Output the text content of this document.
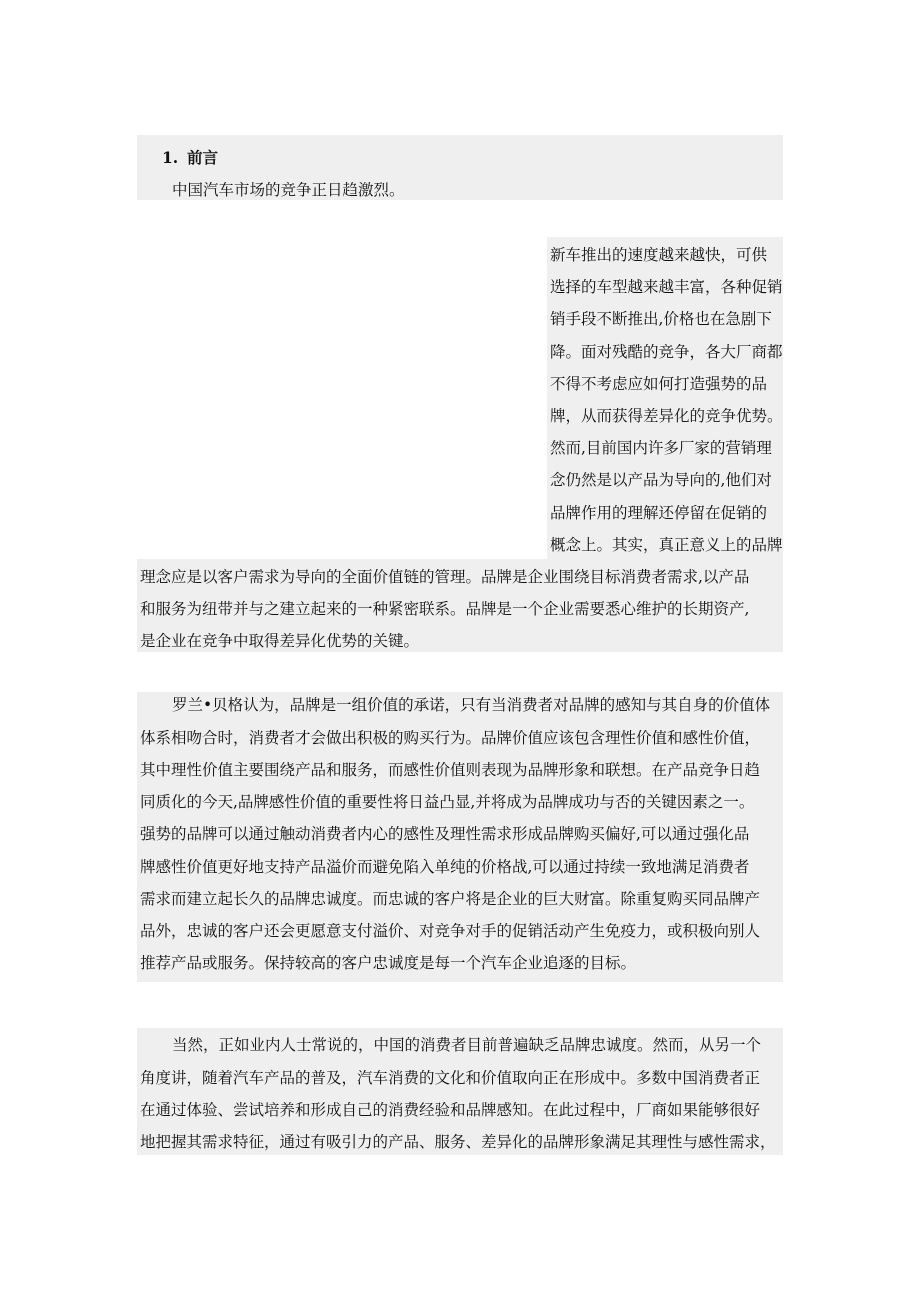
1. 前言
中国汽车市场的竞争正日趋激烈。
新车推出的速度越来越快，可供
选择的车型越来越丰富，各种促销
销手段不断推出,价格也在急剧下
降。面对残酷的竞争，各大厂商都
不得不考虑应如何打造强势的品
牌，从而获得差异化的竞争优势。
然而,目前国内许多厂家的营销理
念仍然是以产品为导向的,他们对
品牌作用的理解还停留在促销的
概念上。其实，真正意义上的品牌
理念应是以客户需求为导向的全面价值链的管理。品牌是企业围绕目标消费者需求,以产品
和服务为纽带并与之建立起来的一种紧密联系。品牌是一个企业需要悉心维护的长期资产,
是企业在竞争中取得差异化优势的关键。
罗兰•贝格认为，品牌是一组价值的承诺，只有当消费者对品牌的感知与其自身的价值体
体系相吻合时，消费者才会做出积极的购买行为。品牌价值应该包含理性价值和感性价值，
其中理性价值主要围绕产品和服务，而感性价值则表现为品牌形象和联想。在产品竞争日趋
同质化的今天,品牌感性价值的重要性将日益凸显,并将成为品牌成功与否的关键因素之一。
强势的品牌可以通过触动消费者内心的感性及理性需求形成品牌购买偏好,可以通过强化品
牌感性价值更好地支持产品溢价而避免陷入单纯的价格战,可以通过持续一致地满足消费者
需求而建立起长久的品牌忠诚度。而忠诚的客户将是企业的巨大财富。除重复购买同品牌产
品外，忠诚的客户还会更愿意支付溢价、对竞争对手的促销活动产生免疫力，或积极向别人
推荐产品或服务。保持较高的客户忠诚度是每一个汽车企业追逐的目标。
当然，正如业内人士常说的，中国的消费者目前普遍缺乏品牌忠诚度。然而，从另一个
角度讲，随着汽车产品的普及，汽车消费的文化和价值取向正在形成中。多数中国消费者正
在通过体验、尝试培养和形成自己的消费经验和品牌感知。在此过程中，厂商如果能够很好
地把握其需求特征，通过有吸引力的产品、服务、差异化的品牌形象满足其理性与感性需求，
